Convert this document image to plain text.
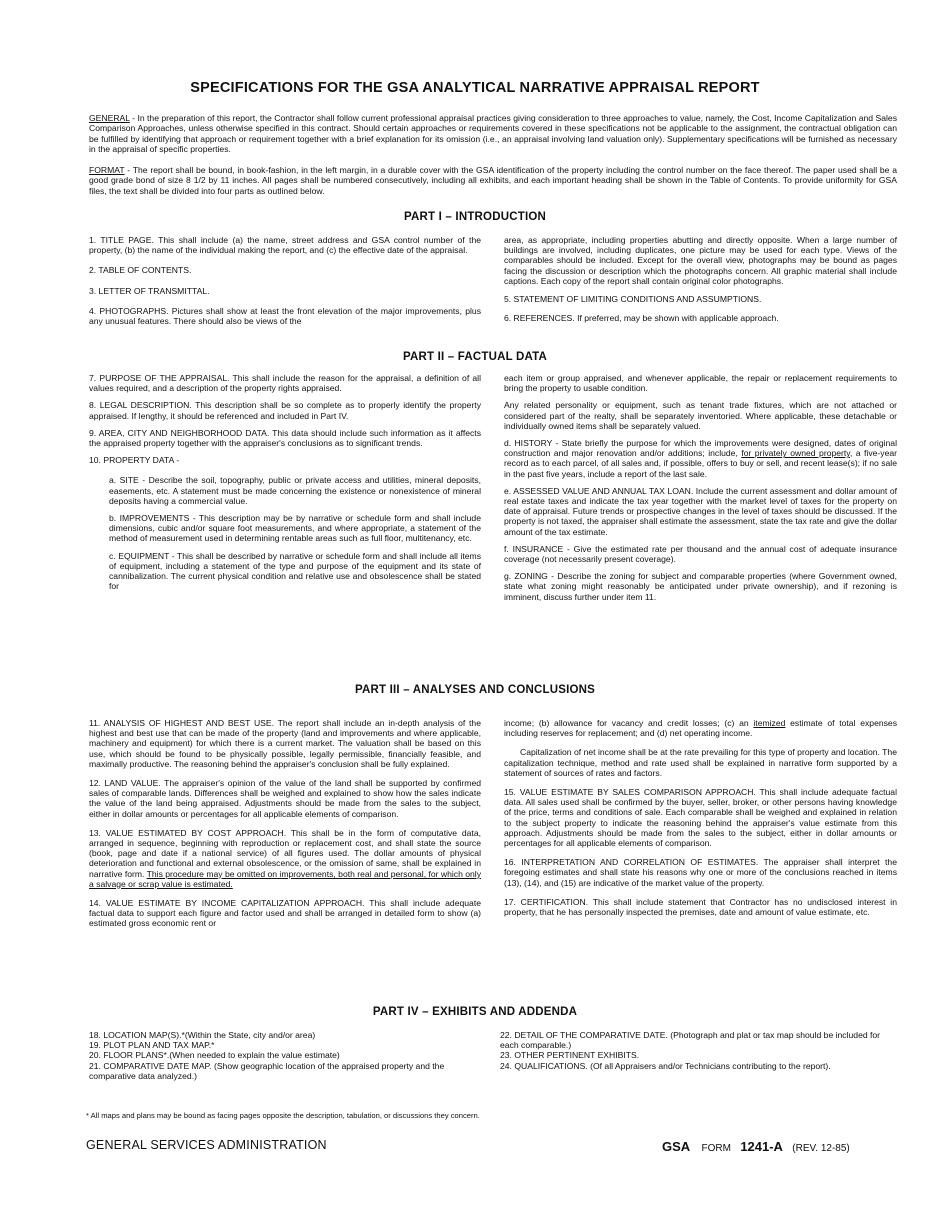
SPECIFICATIONS FOR THE GSA ANALYTICAL NARRATIVE APPRAISAL REPORT

GENERAL - In the preparation of this report, the Contractor shall follow current professional appraisal practices giving consideration to three approaches to value, namely, the Cost, Income Capitalization and Sales Comparison Approaches, unless otherwise specified in this contract. Should certain approaches or requirements covered in these specifications not be applicable to the assignment, the contractual obligation can be fulfilled by identifying that approach or requirement together with a brief explanation for its omission (i.e., an appraisal involving land valuation only). Supplementary specifications will be furnished as necessary in the appraisal of specific properties.

FORMAT - The report shall be bound, in book-fashion, in the left margin, in a durable cover with the GSA identification of the property including the control number on the face thereof. The paper used shall be a good grade bond of size 8 1/2 by 11 inches. All pages shall be numbered consecutively, including all exhibits, and each important heading shall be shown in the Table of Contents. To provide uniformity for GSA files, the text shall be divided into four parts as outlined below.

PART I – INTRODUCTION

1. TITLE PAGE. This shall include (a) the name, street address and GSA control number of the property, (b) the name of the individual making the report, and (c) the effective date of the appraisal.

2. TABLE OF CONTENTS.

3. LETTER OF TRANSMITTAL.

4. PHOTOGRAPHS. Pictures shall show at least the front elevation of the major improvements, plus any unusual features. There should also be views of the

area, as appropriate, including properties abutting and directly opposite. When a large number of buildings are involved, including duplicates, one picture may be used for each type. Views of the comparables should be included. Except for the overall view, photographs may be bound as pages facing the discussion or description which the photographs concern. All graphic material shall include captions. Each copy of the report shall contain original color photographs.

5. STATEMENT OF LIMITING CONDITIONS AND ASSUMPTIONS.

6. REFERENCES. If preferred, may be shown with applicable approach.

PART II – FACTUAL DATA

7. PURPOSE OF THE APPRAISAL. This shall include the reason for the appraisal, a definition of all values required, and a description of the property rights appraised.

8. LEGAL DESCRIPTION. This description shall be so complete as to properly identify the property appraised. If lengthy, it should be referenced and included in Part IV.

9. AREA, CITY AND NEIGHBORHOOD DATA. This data should include such information as it affects the appraised property together with the appraiser's conclusions as to significant trends.

10. PROPERTY DATA -

a. SITE - Describe the soil, topography, public or private access and utilities, mineral deposits, easements, etc. A statement must be made concerning the existence or nonexistence of mineral deposits having a commercial value.

b. IMPROVEMENTS - This description may be by narrative or schedule form and shall include dimensions, cubic and/or square foot measurements, and where appropriate, a statement of the method of measurement used in determining rentable areas such as full floor, multitenancy, etc.

c. EQUIPMENT - This shall be described by narrative or schedule form and shall include all items of equipment, including a statement of the type and purpose of the equipment and its state of cannibalization. The current physical condition and relative use and obsolescence shall be stated for

each item or group appraised, and whenever applicable, the repair or replacement requirements to bring the property to usable condition.

Any related personality or equipment, such as tenant trade fixtures, which are not attached or considered part of the realty, shall be separately inventoried. Where applicable, these detachable or individually owned items shall be separately valued.

d. HISTORY - State briefly the purpose for which the improvements were designed, dates of original construction and major renovation and/or additions; include, for privately owned property, a five-year record as to each parcel, of all sales and, if possible, offers to buy or sell, and recent lease(s); if no sale in the past five years, include a report of the last sale.

e. ASSESSED VALUE AND ANNUAL TAX LOAN. Include the current assessment and dollar amount of real estate taxes and indicate the tax year together with the market level of taxes for the property on date of appraisal. Future trends or prospective changes in the level of taxes should be discussed. If the property is not taxed, the appraiser shall estimate the assessment, state the tax rate and give the dollar amount of the tax estimate.

f. INSURANCE - Give the estimated rate per thousand and the annual cost of adequate insurance coverage (not necessarily present coverage).

g. ZONING - Describe the zoning for subject and comparable properties (where Government owned, state what zoning might reasonably be anticipated under private ownership), and if rezoning is imminent, discuss further under item 11.

PART III – ANALYSES AND CONCLUSIONS

11. ANALYSIS OF HIGHEST AND BEST USE. The report shall include an in-depth analysis of the highest and best use that can be made of the property (land and improvements and where applicable, machinery and equipment) for which there is a current market. The valuation shall be based on this use, which should be found to be physically possible, legally permissible, financially feasible, and maximally productive. The reasoning behind the appraiser's conclusion shall be fully explained.

12. LAND VALUE. The appraiser's opinion of the value of the land shall be supported by confirmed sales of comparable lands. Differences shall be weighed and explained to show how the sales indicate the value of the land being appraised. Adjustments should be made from the sales to the subject, either in dollar amounts or percentages for all applicable elements of comparison.

13. VALUE ESTIMATED BY COST APPROACH. This shall be in the form of computative data, arranged in sequence, beginning with reproduction or replacement cost, and shall state the source (book, page and date if a national service) of all figures used. The dollar amounts of physical deterioration and functional and external obsolescence, or the omission of same, shall be explained in narrative form. This procedure may be omitted on improvements, both real and personal, for which only a salvage or scrap value is estimated.

14. VALUE ESTIMATE BY INCOME CAPITALIZATION APPROACH. This shall include adequate factual data to support each figure and factor used and shall be arranged in detailed form to show (a) estimated gross economic rent or

income; (b) allowance for vacancy and credit losses; (c) an itemized estimate of total expenses including reserves for replacement; and (d) net operating income.

Capitalization of net income shall be at the rate prevailing for this type of property and location. The capitalization technique, method and rate used shall be explained in narrative form supported by a statement of sources of rates and factors.

15. VALUE ESTIMATE BY SALES COMPARISON APPROACH. This shall include adequate factual data. All sales used shall be confirmed by the buyer, seller, broker, or other persons having knowledge of the price, terms and conditions of sale. Each comparable shall be weighed and explained in relation to the subject property to indicate the reasoning behind the appraiser's value estimate from this approach. Adjustments should be made from the sales to the subject, either in dollar amounts or percentages for all applicable elements of comparison.

16. INTERPRETATION AND CORRELATION OF ESTIMATES. The appraiser shall interpret the foregoing estimates and shall state his reasons why one or more of the conclusions reached in items (13), (14), and (15) are indicative of the market value of the property.

17. CERTIFICATION. This shall include statement that Contractor has no undisclosed interest in property, that he has personally inspected the premises, date and amount of value estimate, etc.

PART IV – EXHIBITS AND ADDENDA
18. LOCATION MAP(S).*(Within the State, city and/or area)
19. PLOT PLAN AND TAX MAP.*
20. FLOOR PLANS*.(When needed to explain the value estimate)
21. COMPARATIVE DATE MAP. (Show geographic location of the appraised property and the comparative data analyzed.)
22. DETAIL OF THE COMPARATIVE DATE. (Photograph and plat or tax map should be included for each comparable.)
23. OTHER PERTINENT EXHIBITS.
24. QUALIFICATIONS. (Of all Appraisers and/or Technicians contributing to the report).
* All maps and plans may be bound as facing pages opposite the description, tabulation, or discussions they concern.
GENERAL SERVICES ADMINISTRATION	GSA FORM 1241-A (REV. 12-85)
